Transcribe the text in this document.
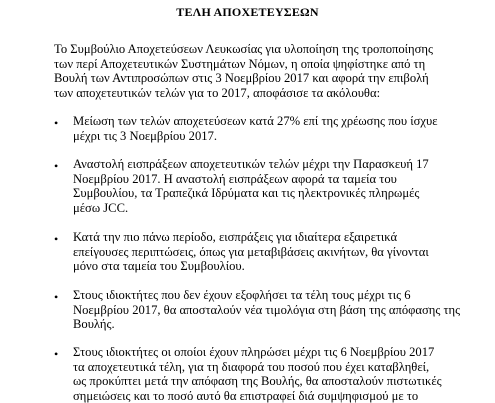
ΤΕΛΗ ΑΠΟΧΕΤΕΥΣΕΩΝ
Το Συμβούλιο Αποχετεύσεων Λευκωσίας για υλοποίηση της τροποποίησης
των περί Αποχετευτικών Συστημάτων Νόμων, η οποία ψηφίστηκε από τη
Βουλή των Αντιπροσώπων στις 3 Νοεμβρίου 2017 και αφορά την επιβολή
των αποχετευτικών τελών για το 2017, αποφάσισε τα ακόλουθα:
• Μείωση των τελών αποχετεύσεων κατά 27% επί της χρέωσης που ίσχυε
μέχρι τις 3 Νοεμβρίου 2017.
• Αναστολή εισπράξεων αποχετευτικών τελών μέχρι την Παρασκευή 17
Νοεμβρίου 2017. Η αναστολή εισπράξεων αφορά τα ταμεία του
Συμβουλίου, τα Τραπεζικά Ιδρύματα και τις ηλεκτρονικές πληρωμές
μέσω JCC.
• Κατά την πιο πάνω περίοδο, εισπράξεις για ιδιαίτερα εξαιρετικά
επείγουσες περιπτώσεις, όπως για μεταβιβάσεις ακινήτων, θα γίνονται
μόνο στα ταμεία του Συμβουλίου.
• Στους ιδιοκτήτες που δεν έχουν εξοφλήσει τα τέλη τους μέχρι τις 6
Νοεμβρίου 2017, θα αποσταλούν νέα τιμολόγια στη βάση της απόφασης της
Βουλής.
• Στους ιδιοκτήτες οι οποίοι έχουν πληρώσει μέχρι τις 6 Νοεμβρίου 2017
τα αποχετευτικά τέλη, για τη διαφορά του ποσού που έχει καταβληθεί,
ως προκύπτει μετά την απόφαση της Βουλής, θα αποσταλούν πιστωτικές
σημειώσεις και το ποσό αυτό θα επιστραφεί διά συμψηφισμού με το
